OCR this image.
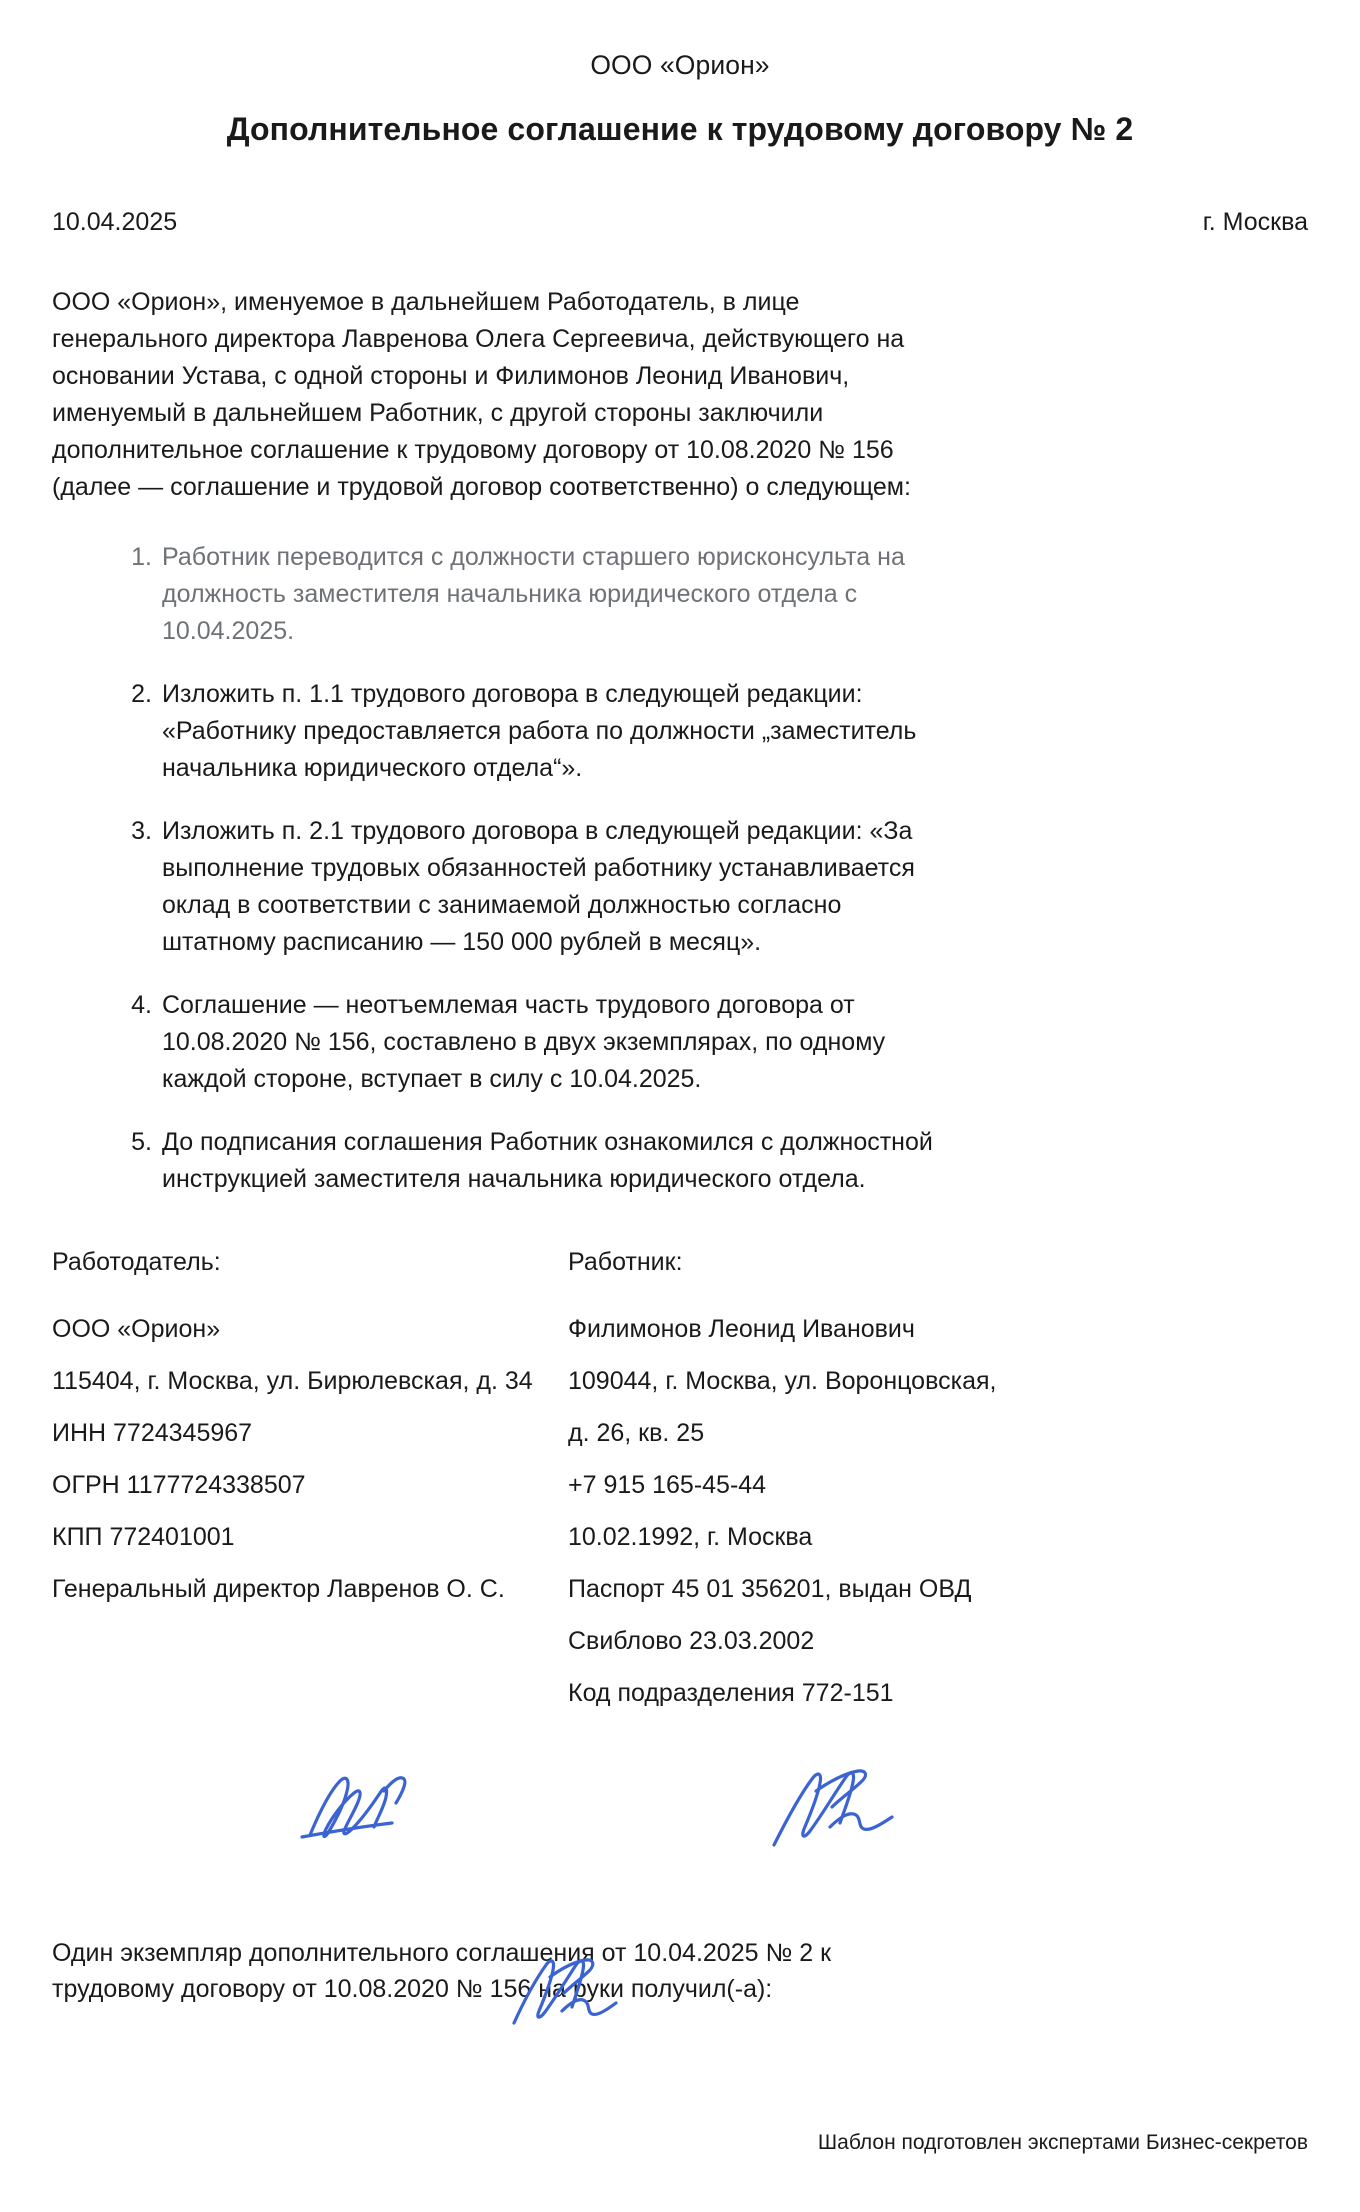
ООО «Орион»
Дополнительное соглашение к трудовому договору № 2
10.04.2025	г. Москва

ООО «Орион», именуемое в дальнейшем Работодатель, в лице генерального директора Лавренова Олега Сергеевича, действующего на основании Устава, с одной стороны и Филимонов Леонид Иванович, именуемый в дальнейшем Работник, с другой стороны заключили дополнительное соглашение к трудовому договору от 10.08.2020 № 156 (далее — соглашение и трудовой договор соответственно) о следующем:

Работник переводится с должности старшего юрисконсульта на должность заместителя начальника юридического отдела с 10.04.2025.
Изложить п. 1.1 трудового договора в следующей редакции: «Работнику предоставляется работа по должности „заместитель начальника юридического отдела“».
Изложить п. 2.1 трудового договора в следующей редакции: «За выполнение трудовых обязанностей работнику устанавливается оклад в соответствии с занимаемой должностью согласно штатному расписанию — 150 000 рублей в месяц».
Соглашение — неотъемлемая часть трудового договора от 10.08.2020 № 156, составлено в двух экземплярах, по одному каждой стороне, вступает в силу с 10.04.2025.
До подписания соглашения Работник ознакомился с должностной инструкцией заместителя начальника юридического отдела.
Работодатель:
ООО «Орион»
115404, г. Москва, ул. Бирюлевская, д. 34
ИНН 7724345967
ОГРН 1177724338507
КПП 772401001
Генеральный директор Лавренов О. С.
Работник:
Филимонов Леонид Иванович
109044, г. Москва, ул. Воронцовская,
д. 26, кв. 25
+7 915 165-45-44
10.02.1992, г. Москва
Паспорт 45 01 356201, выдан ОВД
Свиблово 23.03.2002
Код подразделения 772-151
Один экземпляр дополнительного соглашения от 10.04.2025 № 2 к трудовому договору от 10.08.2020 № 156 на руки получил(-а):
Шаблон подготовлен экспертами Бизнес-секретов
